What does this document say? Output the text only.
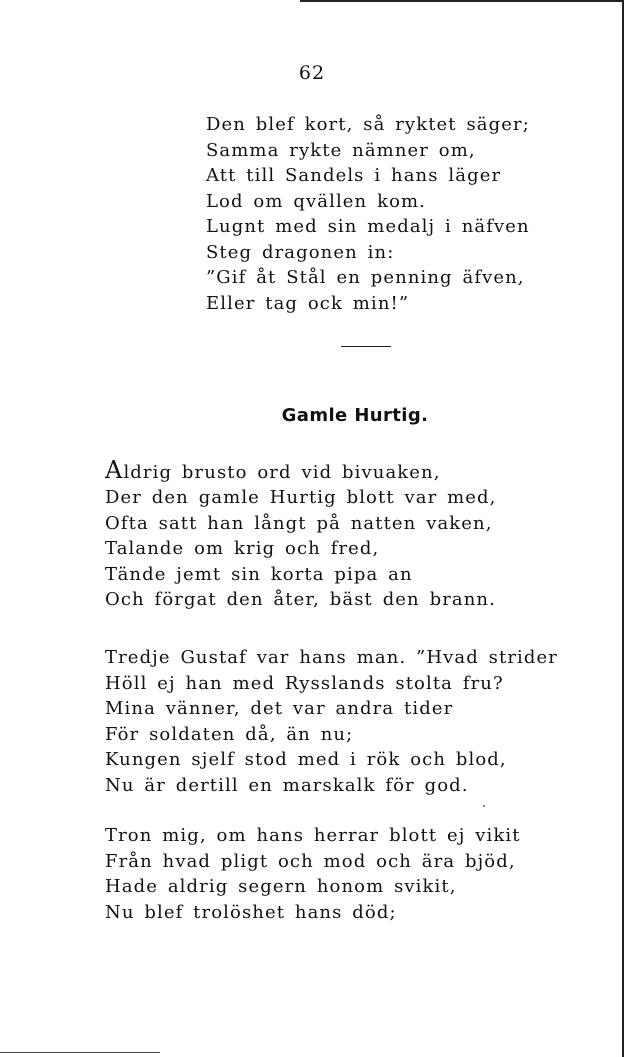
62
Den blef kort, så ryktet säger;
Samma rykte nämner om,
Att till Sandels i hans läger
Lod om qvällen kom.
Lugnt med sin medalj i näfven
Steg dragonen in:
”Gif åt Stål en penning äfven,
Eller tag ock min!”
Gamle Hurtig.
Aldrig brusto ord vid bivuaken,
Der den gamle Hurtig blott var med,
Ofta satt han långt på natten vaken,
Talande om krig och fred,
Tände jemt sin korta pipa an
Och förgat den åter, bäst den brann.
Tredje Gustaf var hans man. ”Hvad strider
Höll ej han med Rysslands stolta fru?
Mina vänner, det var andra tider
För soldaten då, än nu;
Kungen sjelf stod med i rök och blod,
Nu är dertill en marskalk för god.
Tron mig, om hans herrar blott ej vikit
Från hvad pligt och mod och ära bjöd,
Hade aldrig segern honom svikit,
Nu blef trolöshet hans död;
